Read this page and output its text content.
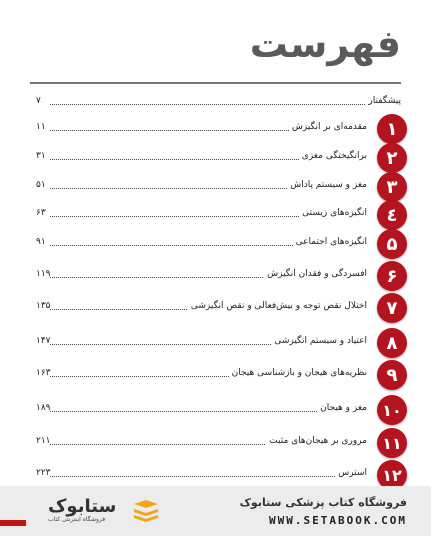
فهرست
پیشگفتار
۷
۱
مقدمه‌ای بر انگیزش
۱۱
۲
برانگیختگی مغزی
۳۱
۳
مغز و سیستم پاداش
۵۱
٤
انگیزه‌های زیستی
۶۳
۵
انگیزه‌های اجتماعی
۹۱
۶
افسردگی و فقدان انگیزش
۱۱۹
۷
اختلال نقص توجه و بیش‌فعالی و نقص انگیزشی
۱۳۵
۸
اعتیاد و سیستم انگیزشی
۱۴۷
۹
نظریه‌های هیجان و بازشناسی هیجان
۱۶۳
۱۰
مغز و هیجان
۱۸۹
۱۱
مروری بر هیجان‌های مثبت
۲۱۱
۱۲
استرس
۲۲۳
ستابوک
فروشگاه اینترنتی کتاب
فروشگاه کتاب پزشکی ستابوک
WWW.SETABOOK.COM
